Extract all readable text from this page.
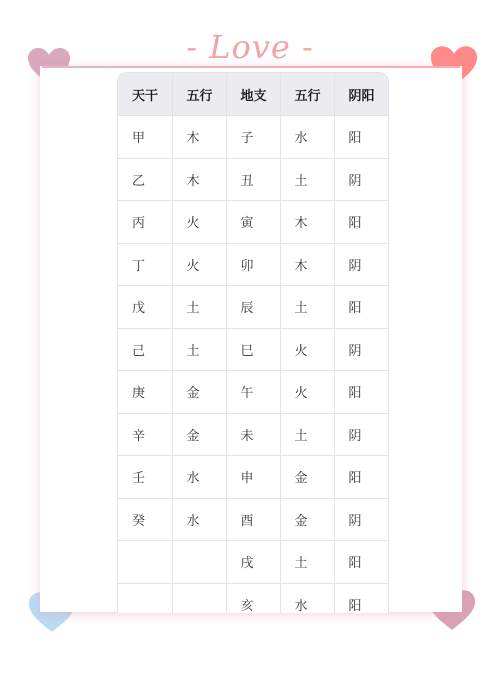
- Love -
天干	五行	地支	五行	阴阳
甲	木	子	水	阳
乙	木	丑	土	阴
丙	火	寅	木	阳
丁	火	卯	木	阴
戊	土	辰	土	阳
己	土	巳	火	阴
庚	金	午	火	阳
辛	金	未	土	阴
壬	水	申	金	阳
癸	水	酉	金	阴
		戌	土	阳
		亥	水	阳
